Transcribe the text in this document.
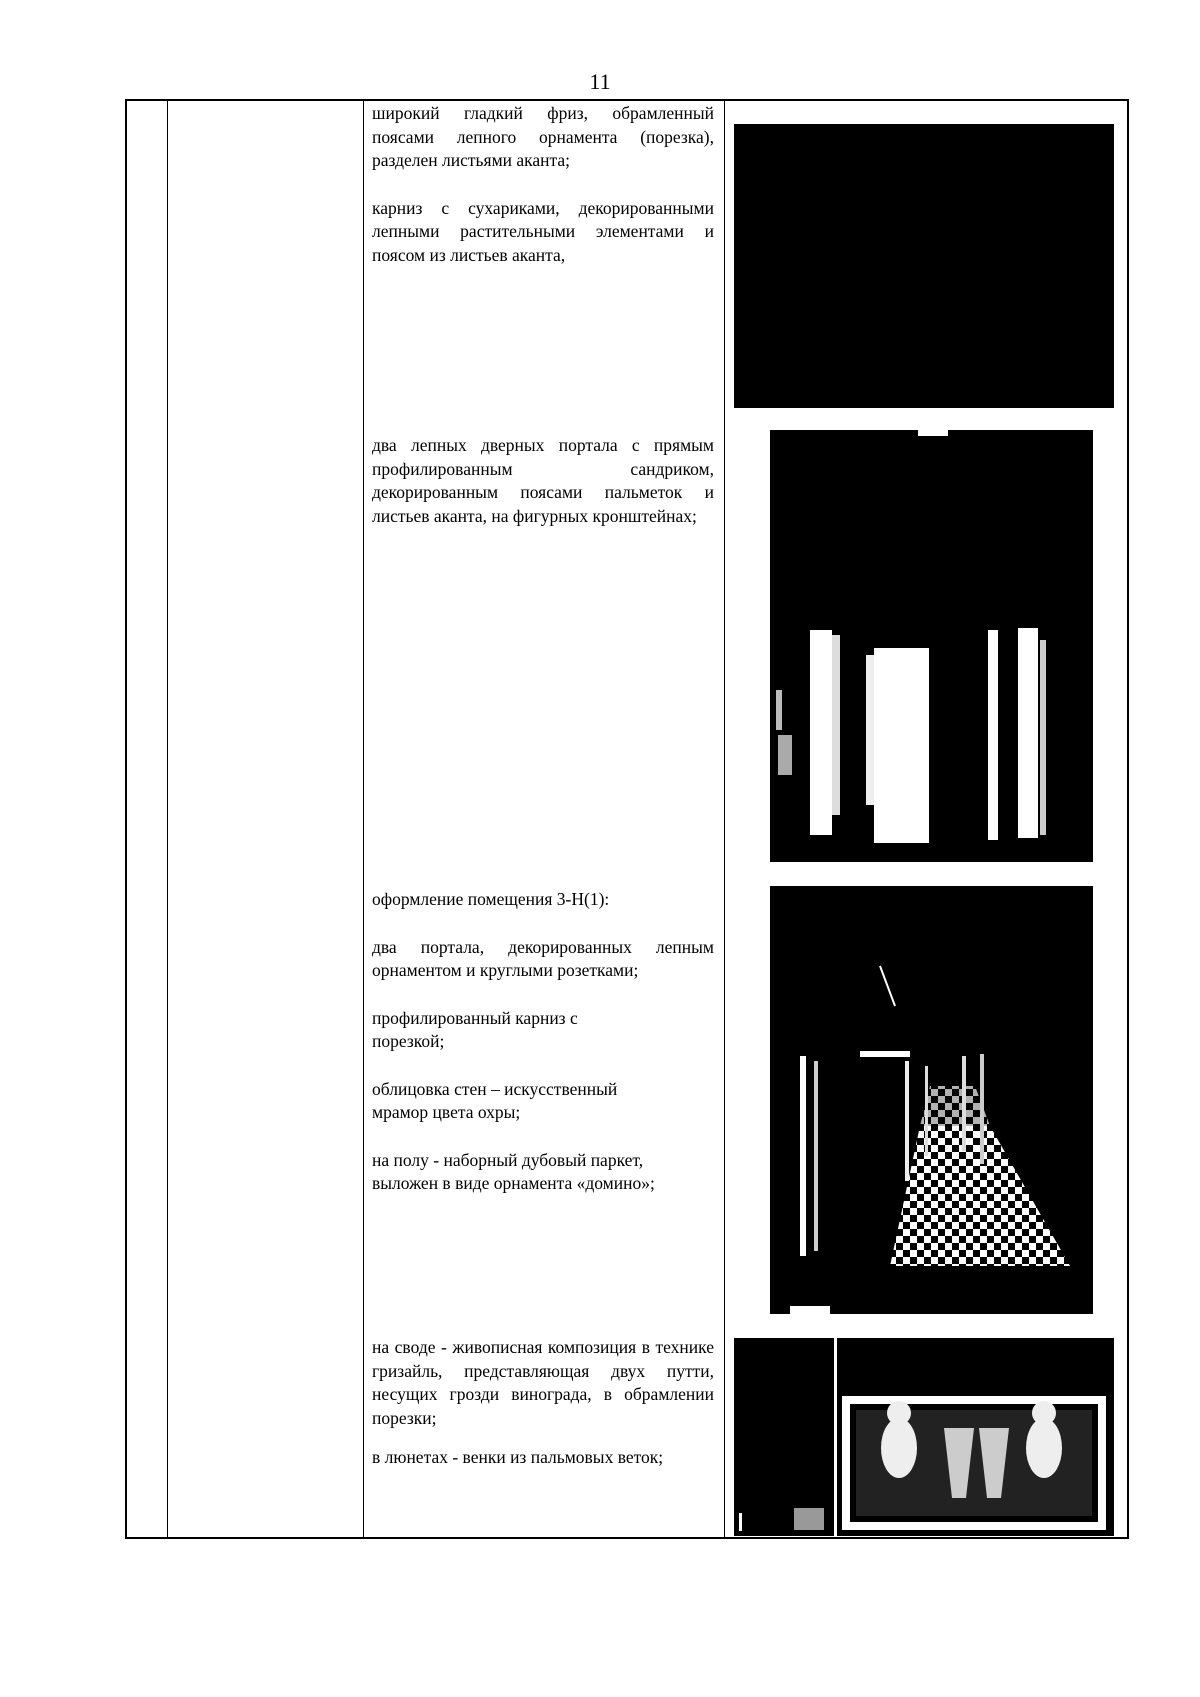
11

широкий гладкий фриз, обрамленный поясами лепного орнамента (порезка), разделен листьями аканта;

карниз с сухариками, декорированными лепными растительными элементами и поясом из листьев аканта,

два лепных дверных портала с прямым профилированным сандриком, декорированным поясами пальметок и листьев аканта, на фигурных кронштейнах;

оформление помещения 3-Н(1):

два портала, декорированных лепным орнаментом и круглыми розетками;

профилированный карниз с порезкой;

облицовка стен – искусственный мрамор цвета охры;

на полу - наборный дубовый паркет, выложен в виде орнамента «домино»;

на своде - живописная композиция в технике гризайль, представляющая двух путти, несущих грозди винограда, в обрамлении порезки;

в люнетах - венки из пальмовых веток;
